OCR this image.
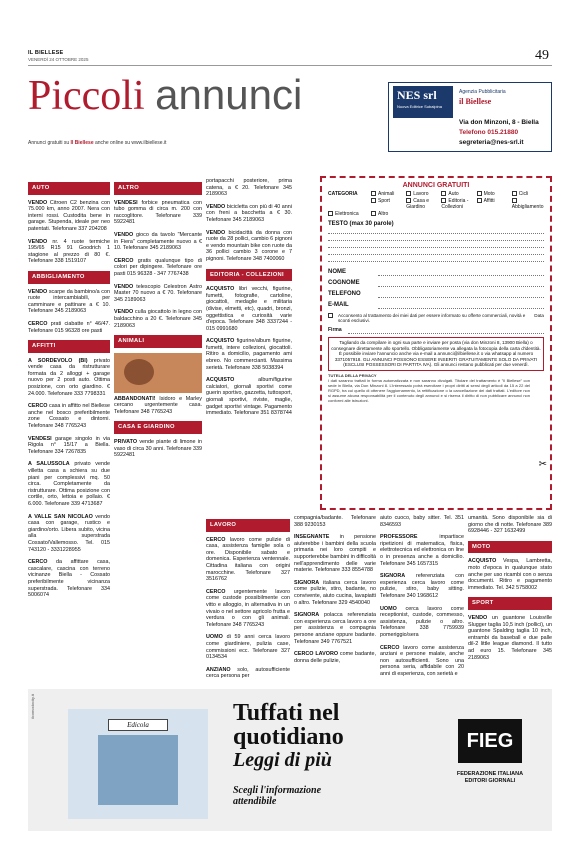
IL BIELLESE
VENERDÌ 24 OTTOBRE 2025	49
Piccoli annunci
Annunci gratuiti su Il Biellese anche online su www.ilbiellese.it
NES srl
Nuova Editrice Subalpina
Agenzia Pubblicitaria
il Biellese
Via don Minzoni, 8 - Biella
Telefono 015.21880
segreteria@nes-srl.it
AUTO
VENDO Citroen C2 benzina con 75.000 km, anno 2007. Nera con interni rossi. Custodita bene in garage. Stupenda, ideale per neo patentati. Telefonare 337 204208
VENDO nr. 4 ruote termiche 195/65 R15 91 Goodrich 1 stagione al prezzo di 80 €. Telefonare 338 1519107
ABBIGLIAMENTO
VENDO scarpe da bambino/a con ruote intercambiabili, per camminare e pattinare a € 10. Telefonare 345 2189063
CERCO prati ciabatte n° 46/47. Telefonare 015 96328 ore pasti
AFFITTI
A SORDEVOLO (BI) privato vende casa da ristrutturare formata da 2 alloggi + garage nuovo per 2 posti auto. Ottima posizione, con orto giardino. € 24.000. Telefonare 333 7798331
CERCO casa in affitto nel Biellese anche nel bosco preferibilmente zone Cossato e dintorni. Telefonare 348 7765243
VENDESI garage singolo in via Rigola n° 15/17 a Biella. Telefonare 334 7267835
A SALUSSOLA privato vende villetta casa a schiera su due piani per complessivi mq. 50 circa. Completamente da ristrutturare. Ottima posizione con cortile, orto, lettoia e pollaio. € 6.000. Telefonare 339 4713687
A VALLE SAN NICOLAO vendo casa con garage, rustico e giardino/orto. Libera subito, vicina alla superstrada Cossato/Vallemosso. Tel. 015 743120 - 3331228955
CERCO da affittare casa, cascalare, cascina con terreno vicinanze Biella - Cossato preferibilmente vicinanza superstrada. Telefonare 334 5006074
ALTRO
VENDESI forbice pneumatica con tubo gomma di circa m. 200 con raccoglitore. Telefonare 339 5922481
VENDO gioco da tavolo "Mercante in Fiera" completamente nuovo a € 10. Telefonare 345 2189063
CERCO gratis qualunque tipo di colori per dipingere. Telefonare ore pasti 015 96328 - 347 7767438
VENDO telescopio Celestron Astro Master 70 nuovo a € 70. Telefonare 345 2189063
VENDO culla giocattolo in legno con baldacchino a 20 €. Telefonare 345 2189063
ANIMALI
ABBANDONATI! Isidoro e Marley cercano urgentemente casa. Telefonare 348 7765243
CASA E GIARDINO
PRIVATO vende piante di limone in vaso di circa 30 anni. Telefonare 339 5922481
portapacchi posteriore, prima catena, a € 20. Telefonare 345 2189063
VENDO bicicletta con più di 40 anni con freni a bacchetta a € 30. Telefonare 345 2189063
VENDO bicidacittà da donna con ruote da 28 pollici, cambio 6 pignoni e vendo mountain bike con ruote da 36 pollici cambio 3 corone e 7 pignoni. Telefonare 348 7400060
EDITORIA - COLLEZIONI
ACQUISTO libri vecchi, figurine, fumetti, fotografie, cartoline, giocattoli, medaglie e militaria (divise, elmetti, etc), quadri, bronzi, oggettistica e curiosità varie d'epoca. Telefonare 348 3337244 - 015 0991680
ACQUISTO figurine/album figurine, fumetti, intere collezioni, giocattoli. Ritiro a domicilio, pagamento ami ebreo. No commercianti. Massima serietà. Telefonare 338 5038394
ACQUISTO album/figurine calciatori, giornali sportivi come guerin sportivo, gazzetta, tuttosport, giornali sportivi, riviste, maglie, gadget sportivi vintage. Pagamento immediato. Telefonare 351 8378744
ANNUNCI GRATUITI
CATEGORIA	Animali	Lavoro	Auto	Moto	Cicli
Sport	Casa e Giardino
Editoria - Collezioni
Affitti
Abbigliamento
Elettronica	Altro
TESTO (max 30 parole)
NOME
COGNOME
TELEFONO
E-MAIL
Acconsento al trattamento dei miei dati per essere informato su offerte commerciali, novità e sconti esclusivi.
Data
Firma
Tagliando da compilare in ogni sua parte e inviare per posta (via don Minzoni 8, 13900 Biella) o consegnare direttamente allo sportello. Obbligatoriamente va allegata la fotocopia della carta d'identità. È possibile inviare l'annuncio anche via e-mail a annunci@ilbiellese.it o via whatsapp al numero 3371057918. GLI ANNUNCI POSSONO ESSERE INSERITI GRATUITAMENTE SOLO DA PRIVATI (ESCLUSI POSSESSORI DI PARTITA IVA). Gli annunci restano pubblicati per due venerdì.
TUTELA DELLA PRIVACY
I dati saranno trattati in forma automatizzata e non saranno divulgati. Titolare del trattamento è "Il Biellese" con sede in Biella, via Don Minzoni 8. L'interessato potrà esercitare i propri diritti ai sensi degli articoli da 15 a 22 del RGPD, tra cui quello di ottenere l'aggiornamento, la rettificazione o la cancellazione dei dati trattati. L'editore non si assume alcuna responsabilità per il contenuto degli annunci e si riserva il diritto di non pubblicare annunci non conformi alle istruzioni.
✂
LAVORO
CERCO lavoro come pulizie di casa, assistenza famiglie sola o ore. Disponibile sabato e domenica. Esperienza ventennale. Cittadina italiana con origini marocchine. Telefonare 327 3516762
CERCO urgentemente lavoro come custode possibilmente con vitto e alloggio, in alternativa in un vivaio o nel settore agricolo frutta e verdura o con gli animali. Telefonare 348 7765243
UOMO di 59 anni cerca lavoro come giardiniere, pulizia case, commissioni ecc. Telefonare 327 0134534
ANZIANO solo, autosufficiente cerca persona per
compagnia/badante. Telefonare 388 9230153
INSEGNANTE in pensione aiuterebbe i bambini della scuola primaria nei loro compiti e supporterebbe bambini in difficoltà nell'apprendimento delle varie materie. Telefonare 333 8554788
SIGNORA italiana cerca lavoro come pulizie, stiro, badante, no convivente, aiuto cucina, lavapiatti o altro. Telefonare 329 4540040
SIGNORA polacca referenziata con esperienza cerca lavoro a ore per assistenza e compagnia persone anziane oppure badante. Telefonare 349 7767521
CERCO LAVORO come badante, donna delle pulizie,
aiuto cuoco, baby sitter. Tel. 351 8346593
PROFESSORE impartisce ripetizioni di matematica, fisica, elettrotecnica ed elettronica on line o in presenza anche a domicilio. Telefonare 345 1657315
SIGNORA referenziata con esperienza cerca lavoro come pulizie, stiro, baby sitting. Telefonare 340 1968612
UOMO cerca lavoro come receptionist, custode, commesso, assistenza, pulizie o altro. Telefonare 338 7759939 pomeriggio/sera
CERCO lavoro come assistenza anziani e persone malate, anche non autosufficienti. Sono una persona seria, affidabile con 20 anni di esperienza, con serietà e
umanità. Sono disponibile sia di giorno che di notte. Telefonare 389 6928446 - 327 1632499
MOTO
ACQUISTO Vespa, Lambretta, moto d'epoca in qualunque stato anche per uso ricambi con o senza documenti. Ritiro e pagamento immediato. Tel. 342 5758002
SPORT
VENDO un guantone Louisville Slugger taglia 10,5 inch (pollici), un guantone Spalding taglia 10 inch, entrambi da baseball e due palle dil-2 little league diamond. Il tutto ad euro 15. Telefonare 345 2189063
ilcomodocity.it
Edicola	Tuffati nel
quotidiano
Leggi di più
Scegli l'informazione
attendibile
FIEG
FEDERAZIONE ITALIANA
EDITORI GIORNALI
